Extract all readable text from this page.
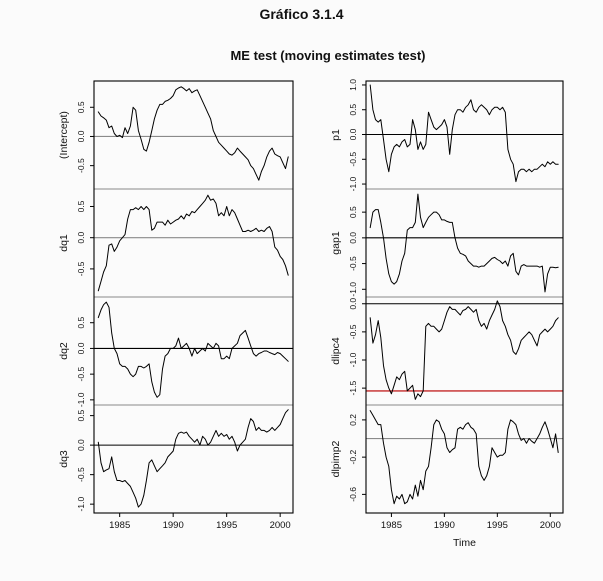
Gráfico 3.1.4
ME test (moving estimates test)
0.5
0.0
-0.5
(Intercept)
0.5
0.0
-0.5
dq1
0.5
0.0
-0.5
-1.0
dq2
0.5
0.0
-0.5
-1.0
dq3
1.0
0.5
0.0
-0.5
-1.0
p1
0.5
0.0
-0.5
-1.0
gap1
0.0
-0.5
-1.0
-1.5
dlipc4
0.2
-0.2
-0.6
dlpimp2
1985	1990	1995	2000	1985	1990	1995	2000
Time
